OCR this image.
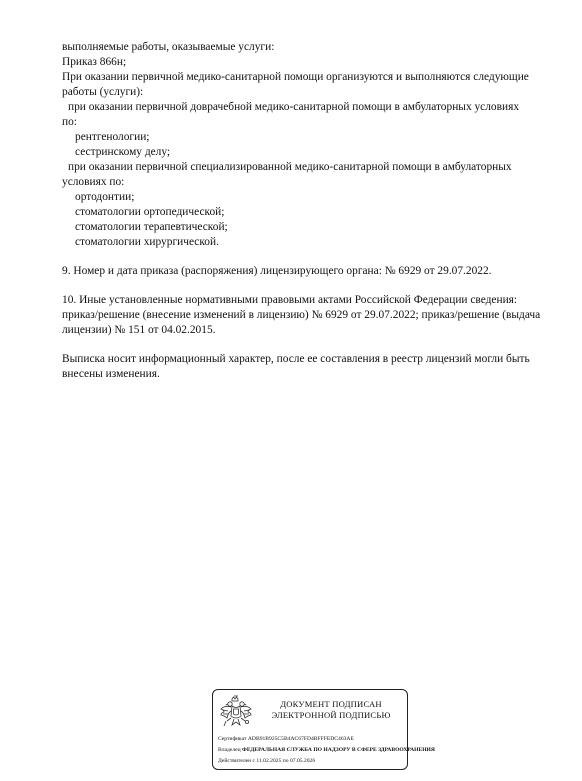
выполняемые работы, оказываемые услуги:
Приказ 866н;
При оказании первичной медико-санитарной помощи организуются и выполняются следующие
работы (услуги):
при оказании первичной доврачебной медико-санитарной помощи в амбулаторных условиях
по:
рентгенологии;
сестринскому делу;
при оказании первичной специализированной медико-санитарной помощи в амбулаторных
условиях по:
ортодонтии;
стоматологии ортопедической;
стоматологии терапевтической;
стоматологии хирургической.
9. Номер и дата приказа (распоряжения) лицензирующего органа: № 6929 от 29.07.2022.
10. Иные установленные нормативными правовыми актами Российской Федерации сведения:
приказ/решение (внесение изменений в лицензию) № 6929 от 29.07.2022; приказ/решение (выдача
лицензии) № 151 от 04.02.2015.
Выписка носит информационный характер, после ее составления в реестр лицензий могли быть
внесены изменения.
ДОКУМЕНТ ПОДПИСАН
ЭЛЕКТРОННОЙ ПОДПИСЬЮ
Сертификат ADB91B925C5B4AC67FD4BFFFEDC463AE
Владелец ФЕДЕРАЛЬНАЯ СЛУЖБА ПО НАДЗОРУ В СФЕРЕ ЗДРАВООХРАНЕНИЯ
Действителен с 11.02.2025 по 07.05.2026
